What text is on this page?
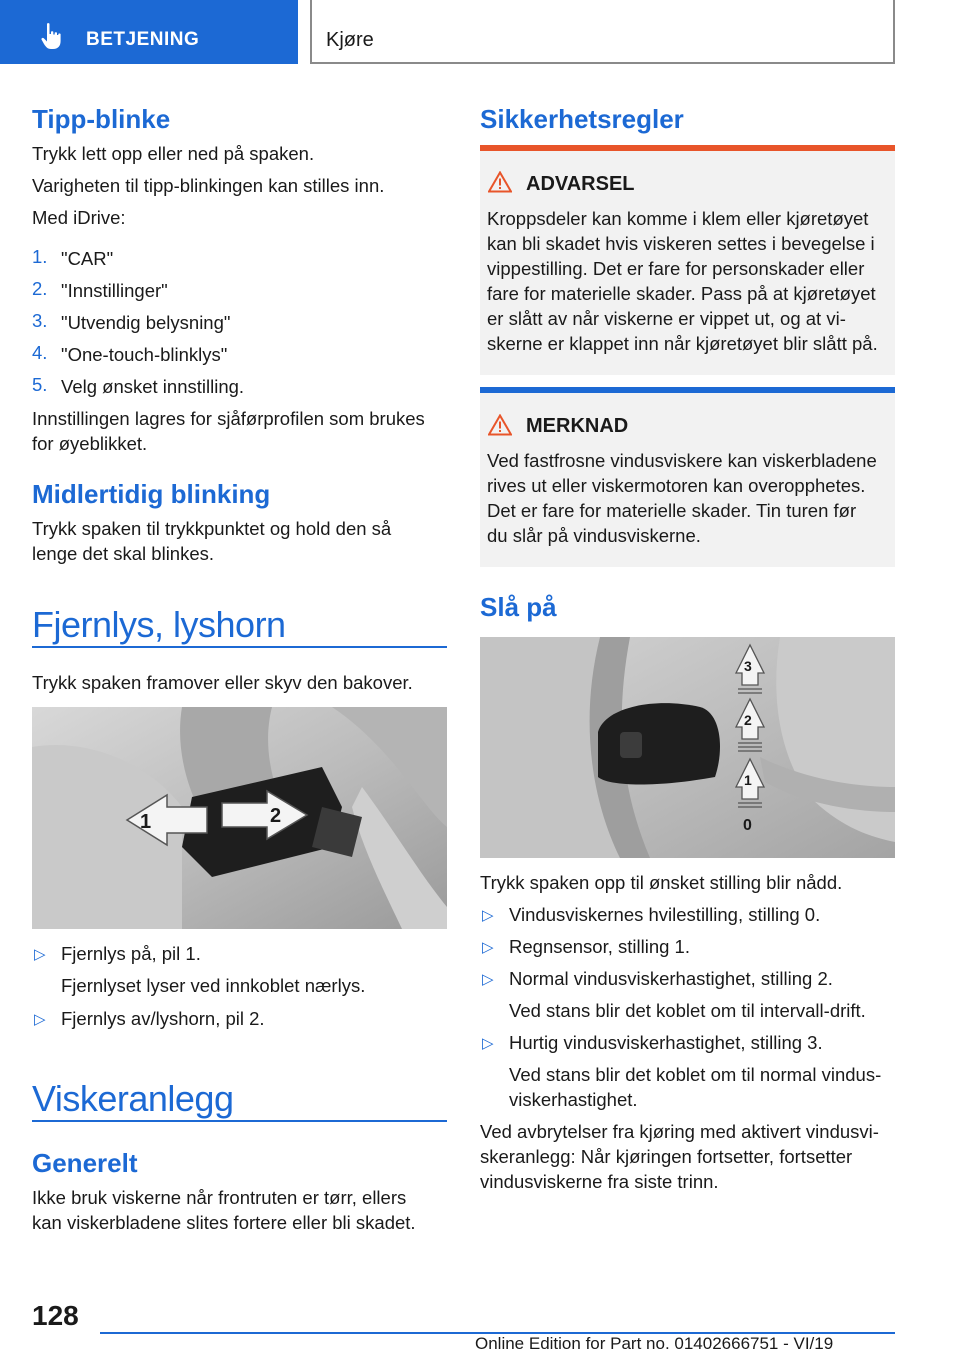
BETJENING	Kjøre
Tipp-blinke
Trykk lett opp eller ned på spaken.
Varigheten til tipp-blinkingen kan stilles inn.
Med iDrive:
1. "CAR"
2. "Innstillinger"
3. "Utvendig belysning"
4. "One-touch-blinklys"
5. Velg ønsket innstilling.
Innstillingen lagres for sjåførprofilen som brukes
for øyeblikket.
Midlertidig blinking
Trykk spaken til trykkpunktet og hold den så
lenge det skal blinkes.
Fjernlys, lyshorn
Trykk spaken framover eller skyv den bakover.
1	2
▷ Fjernlys på, pil 1.
Fjernlyset lyser ved innkoblet nærlys.
▷ Fjernlys av/lyshorn, pil 2.
Viskeranlegg
Generelt
Ikke bruk viskerne når frontruten er tørr, ellers
kan viskerbladene slites fortere eller bli skadet.
Sikkerhetsregler
ADVARSEL
Kroppsdeler kan komme i klem eller kjøretøyet
kan bli skadet hvis viskeren settes i bevegelse i
vippestilling. Det er fare for personskader eller
fare for materielle skader. Pass på at kjøretøyet
er slått av når viskerne er vippet ut, og at vi-
skerne er klappet inn når kjøretøyet blir slått på.
MERKNAD
Ved fastfrosne vindusviskere kan viskerbladene
rives ut eller viskermotoren kan overopphetes.
Det er fare for materielle skader. Tin turen før
du slår på vindusviskerne.
Slå på
3
2
1
0
Trykk spaken opp til ønsket stilling blir nådd.
▷ Vindusviskernes hvilestilling, stilling 0.
▷ Regnsensor, stilling 1.
▷ Normal vindusviskerhastighet, stilling 2.
Ved stans blir det koblet om til intervall-drift.
▷ Hurtig vindusviskerhastighet, stilling 3.
Ved stans blir det koblet om til normal vindus-
viskerhastighet.
Ved avbrytelser fra kjøring med aktivert vindusvi-
skeranlegg: Når kjøringen fortsetter, fortsetter
vindusviskerne fra siste trinn.
128
Online Edition for Part no. 01402666751 - VI/19
